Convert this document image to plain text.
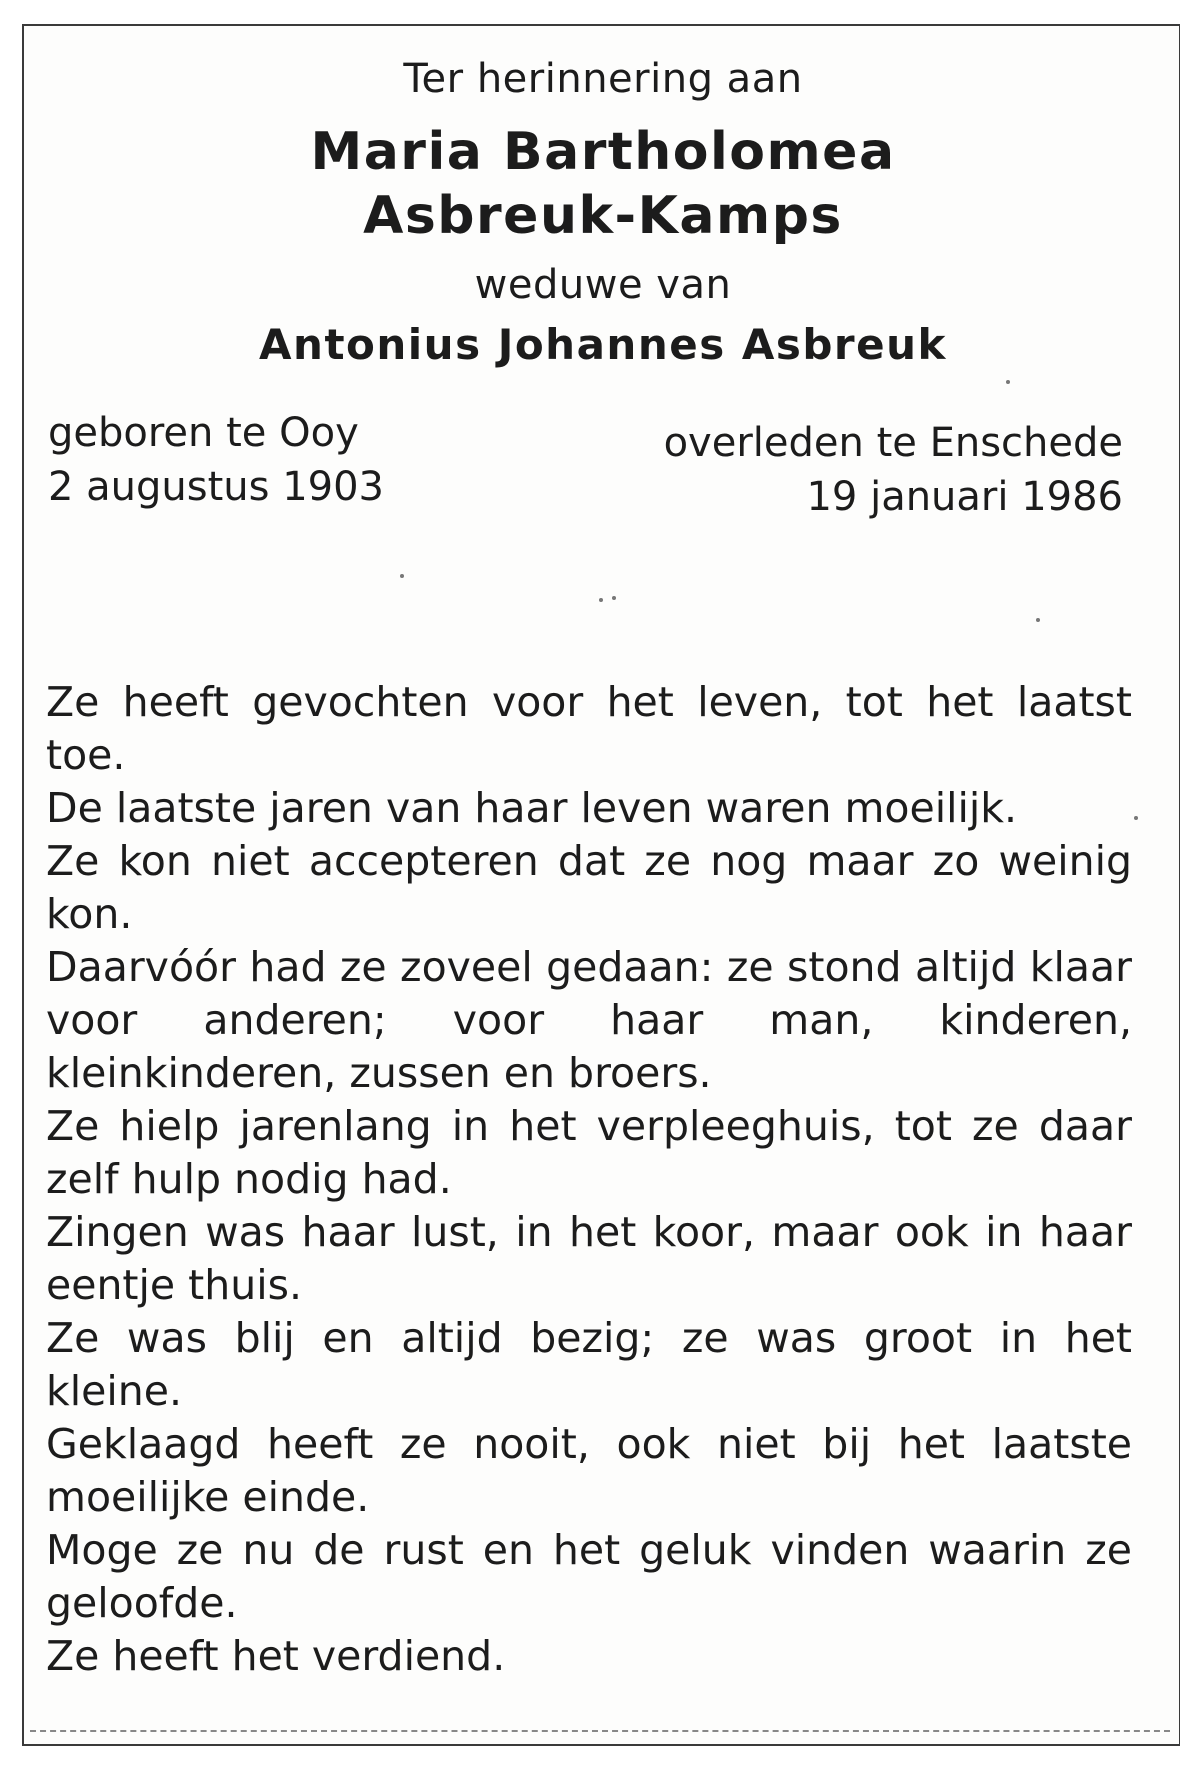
Ter herinnering aan
Maria Bartholomea
Asbreuk-Kamps
weduwe van
Antonius Johannes Asbreuk
geboren te Ooy
2 augustus 1903
overleden te Enschede
19 januari 1986
Ze heeft gevochten voor het leven, tot het laatst toe.
De laatste jaren van haar leven waren moeilijk.
Ze kon niet accepteren dat ze nog maar zo weinig kon.
Daarvóór had ze zoveel gedaan: ze stond altijd klaar voor anderen; voor haar man, kinderen, kleinkinderen, zussen en broers.
Ze hielp jarenlang in het verpleeghuis, tot ze daar zelf hulp nodig had.
Zingen was haar lust, in het koor, maar ook in haar eentje thuis.
Ze was blij en altijd bezig; ze was groot in het kleine.
Geklaagd heeft ze nooit, ook niet bij het laatste moeilijke einde.
Moge ze nu de rust en het geluk vinden waarin ze geloofde.
Ze heeft het verdiend.
